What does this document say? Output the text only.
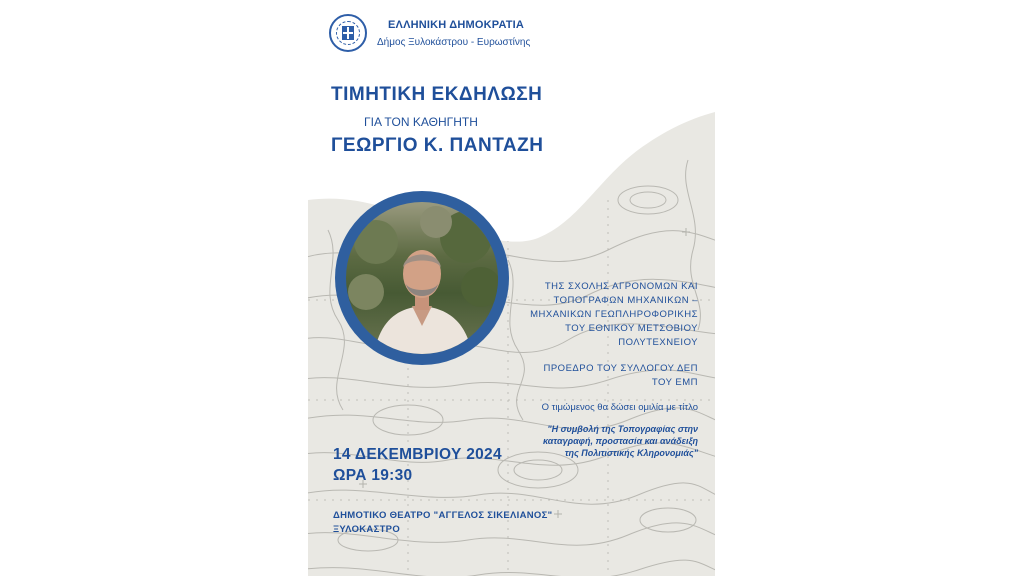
ΕΛΛΗΝΙΚΗ ΔΗΜΟΚΡΑΤΙΑ

Δήμος Ξυλοκάστρου - Ευρωστίνης

ΤΙΜΗΤΙΚΗ ΕΚΔΗΛΩΣΗ

ΓΙΑ ΤΟΝ ΚΑΘΗΓΗΤΗ

ΓΕΩΡΓΙΟ Κ. ΠΑΝΤΑΖΗ

ΤΗΣ ΣΧΟΛΗΣ ΑΓΡΟΝΟΜΩΝ ΚΑΙ
ΤΟΠΟΓΡΑΦΩΝ ΜΗΧΑΝΙΚΩΝ –
ΜΗΧΑΝΙΚΩΝ ΓΕΩΠΛΗΡΟΦΟΡΙΚΗΣ
ΤΟΥ ΕΘΝΙΚΟΥ ΜΕΤΣΟΒΙΟΥ
ΠΟΛΥΤΕΧΝΕΙΟΥ

ΠΡΟΕΔΡΟ ΤΟΥ ΣΥΛΛΟΓΟΥ ΔΕΠ
ΤΟΥ ΕΜΠ

Ο τιμώμενος θα δώσει ομιλία με τίτλο

"Η συμβολή της Τοπογραφίας στην
καταγραφή, προστασία και ανάδειξη
της Πολιτιστικής Κληρονομιάς"

14 ΔΕΚΕΜΒΡΙΟΥ 2024

ΩΡΑ 19:30

ΔΗΜΟΤΙΚΟ ΘΕΑΤΡΟ "ΑΓΓΕΛΟΣ ΣΙΚΕΛΙΑΝΟΣ"

ΞΥΛΟΚΑΣΤΡΟ
